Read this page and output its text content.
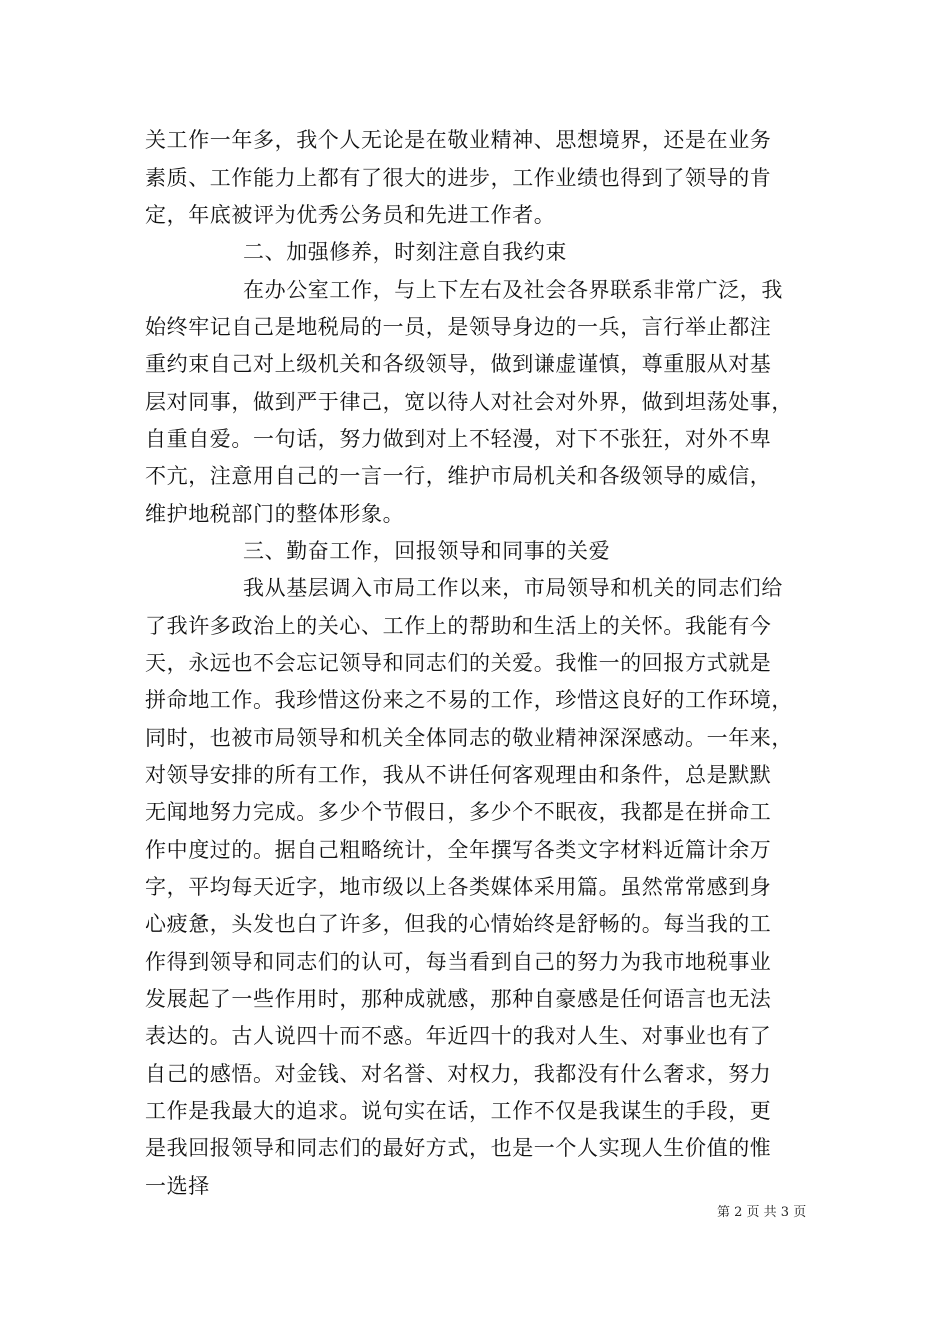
关工作一年多，我个人无论是在敬业精神、思想境界，还是在业务
素质、工作能力上都有了很大的进步，工作业绩也得到了领导的肯
定，年底被评为优秀公务员和先进工作者。
二、加强修养，时刻注意自我约束
在办公室工作，与上下左右及社会各界联系非常广泛，我
始终牢记自己是地税局的一员，是领导身边的一兵，言行举止都注
重约束自己对上级机关和各级领导，做到谦虚谨慎，尊重服从对基
层对同事，做到严于律己，宽以待人对社会对外界，做到坦荡处事，
自重自爱。一句话，努力做到对上不轻漫，对下不张狂，对外不卑
不亢，注意用自己的一言一行，维护市局机关和各级领导的威信，
维护地税部门的整体形象。
三、勤奋工作，回报领导和同事的关爱
我从基层调入市局工作以来，市局领导和机关的同志们给
了我许多政治上的关心、工作上的帮助和生活上的关怀。我能有今
天，永远也不会忘记领导和同志们的关爱。我惟一的回报方式就是
拼命地工作。我珍惜这份来之不易的工作，珍惜这良好的工作环境，
同时，也被市局领导和机关全体同志的敬业精神深深感动。一年来，
对领导安排的所有工作，我从不讲任何客观理由和条件，总是默默
无闻地努力完成。多少个节假日，多少个不眠夜，我都是在拼命工
作中度过的。据自己粗略统计，全年撰写各类文字材料近篇计余万
字，平均每天近字，地市级以上各类媒体采用篇。虽然常常感到身
心疲惫，头发也白了许多，但我的心情始终是舒畅的。每当我的工
作得到领导和同志们的认可，每当看到自己的努力为我市地税事业
发展起了一些作用时，那种成就感，那种自豪感是任何语言也无法
表达的。古人说四十而不惑。年近四十的我对人生、对事业也有了
自己的感悟。对金钱、对名誉、对权力，我都没有什么奢求，努力
工作是我最大的追求。说句实在话，工作不仅是我谋生的手段，更
是我回报领导和同志们的最好方式，也是一个人实现人生价值的惟
一选择
第 2 页 共 3 页
